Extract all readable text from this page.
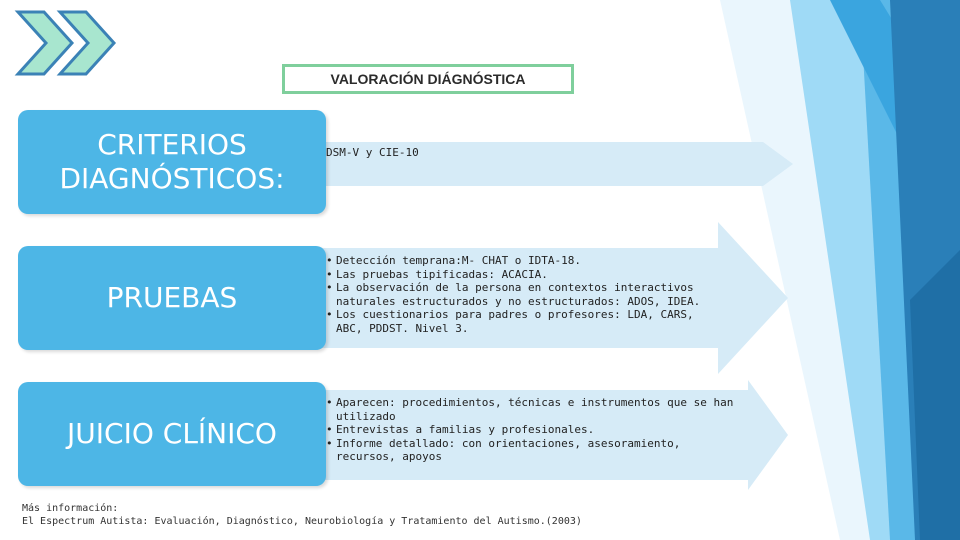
VALORACIÓN DIÁGNÓSTICA
DSM-V y CIE-10
CRITERIOS
DIAGNÓSTICOS:
• Detección temprana:M- CHAT o IDTA-18.
• Las pruebas tipificadas: ACACIA.
• La observación de la persona en contextos interactivos naturales estructurados y no estructurados: ADOS, IDEA.
• Los cuestionarios para padres o profesores: LDA, CARS, ABC, PDDST. Nivel 3.
PRUEBAS
• Aparecen: procedimientos, técnicas e instrumentos que se han utilizado
• Entrevistas a familias y profesionales.
• Informe detallado: con orientaciones, asesoramiento, recursos, apoyos
JUICIO CLÍNICO
Más información:
El Espectrum Autista: Evaluación, Diagnóstico, Neurobiología y Tratamiento del Autismo.(2003)
